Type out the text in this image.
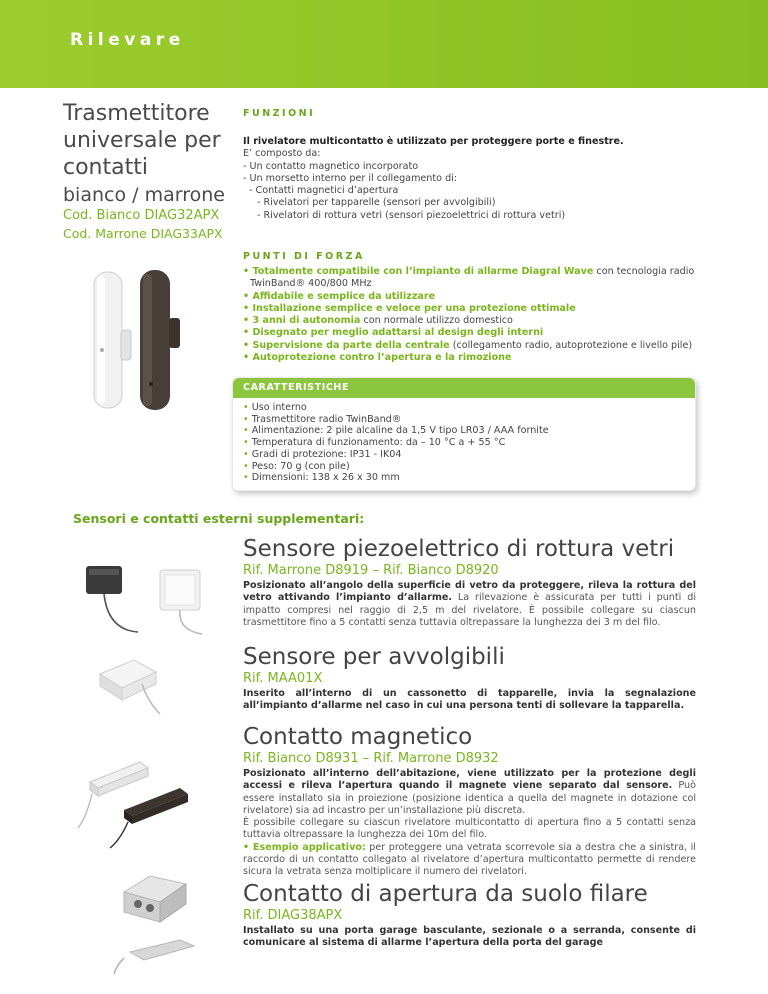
Rilevare
Trasmettitore
universale per
contatti
bianco / marrone
Cod. Bianco DIAG32APX
Cod. Marrone DIAG33APX
FUNZIONI
Il rivelatore multicontatto è utilizzato per proteggere porte e finestre.
E’ composto da:
- Un contatto magnetico incorporato
- Un morsetto interno per il collegamento di:
- Contatti magnetici d’apertura
- Rivelatori per tapparelle (sensori per avvolgibili)
- Rivelatori di rottura vetri (sensori piezoelettrici di rottura vetri)
PUNTI DI FORZA
• Totalmente compatibile con l’impianto di allarme Diagral Wave con tecnologia radio TwinBand® 400/800 MHz
• Affidabile e semplice da utilizzare
• Installazione semplice e veloce per una protezione ottimale
• 3 anni di autonomia con normale utilizzo domestico
• Disegnato per meglio adattarsi al design degli interni
• Supervisione da parte della centrale (collegamento radio, autoprotezione e livello pile)
• Autoprotezione contro l’apertura e la rimozione
CARATTERISTICHE
• Uso interno
• Trasmettitore radio TwinBand®
• Alimentazione: 2 pile alcaline da 1,5 V tipo LR03 / AAA fornite
• Temperatura di funzionamento: da – 10 °C a + 55 °C
• Gradi di protezione: IP31 - IK04
• Peso: 70 g (con pile)
• Dimensioni: 138 x 26 x 30 mm
Sensori e contatti esterni supplementari:
Sensore piezoelettrico di rottura vetri
Rif. Marrone D8919 – Rif. Bianco D8920
Posizionato all’angolo della superficie di vetro da proteggere, rileva la rottura del vetro attivando l’impianto d’allarme. La rilevazione è assicurata per tutti i punti di impatto compresi nel raggio di 2,5 m del rivelatore. È possibile collegare su ciascun trasmettitore fino a 5 contatti senza tuttavia oltrepassare la lunghezza dei 3 m del filo.
Sensore per avvolgibili
Rif. MAA01X
Inserito all’interno di un cassonetto di tapparelle, invia la segnalazione all’impianto d’allarme nel caso in cui una persona tenti di sollevare la tapparella.
Contatto magnetico
Rif. Bianco D8931 – Rif. Marrone D8932
Posizionato all’interno dell’abitazione, viene utilizzato per la protezione degli accessi e rileva l’apertura quando il magnete viene separato dal sensore. Può essere installato sia in proiezione (posizione identica a quella del magnete in dotazione col rivelatore) sia ad incastro per un’installazione più discreta.
È possibile collegare su ciascun rivelatore multicontatto di apertura fino a 5 contatti senza tuttavia oltrepassare la lunghezza dei 10m del filo.
• Esempio applicativo: per proteggere una vetrata scorrevole sia a destra che a sinistra, il raccordo di un contatto collegato al rivelatore d’apertura multicontatto permette di rendere sicura la vetrata senza moltiplicare il numero dei rivelatori.
Contatto di apertura da suolo filare
Rif. DIAG38APX
Installato su una porta garage basculante, sezionale o a serranda, consente di comunicare al sistema di allarme l’apertura della porta del garage
